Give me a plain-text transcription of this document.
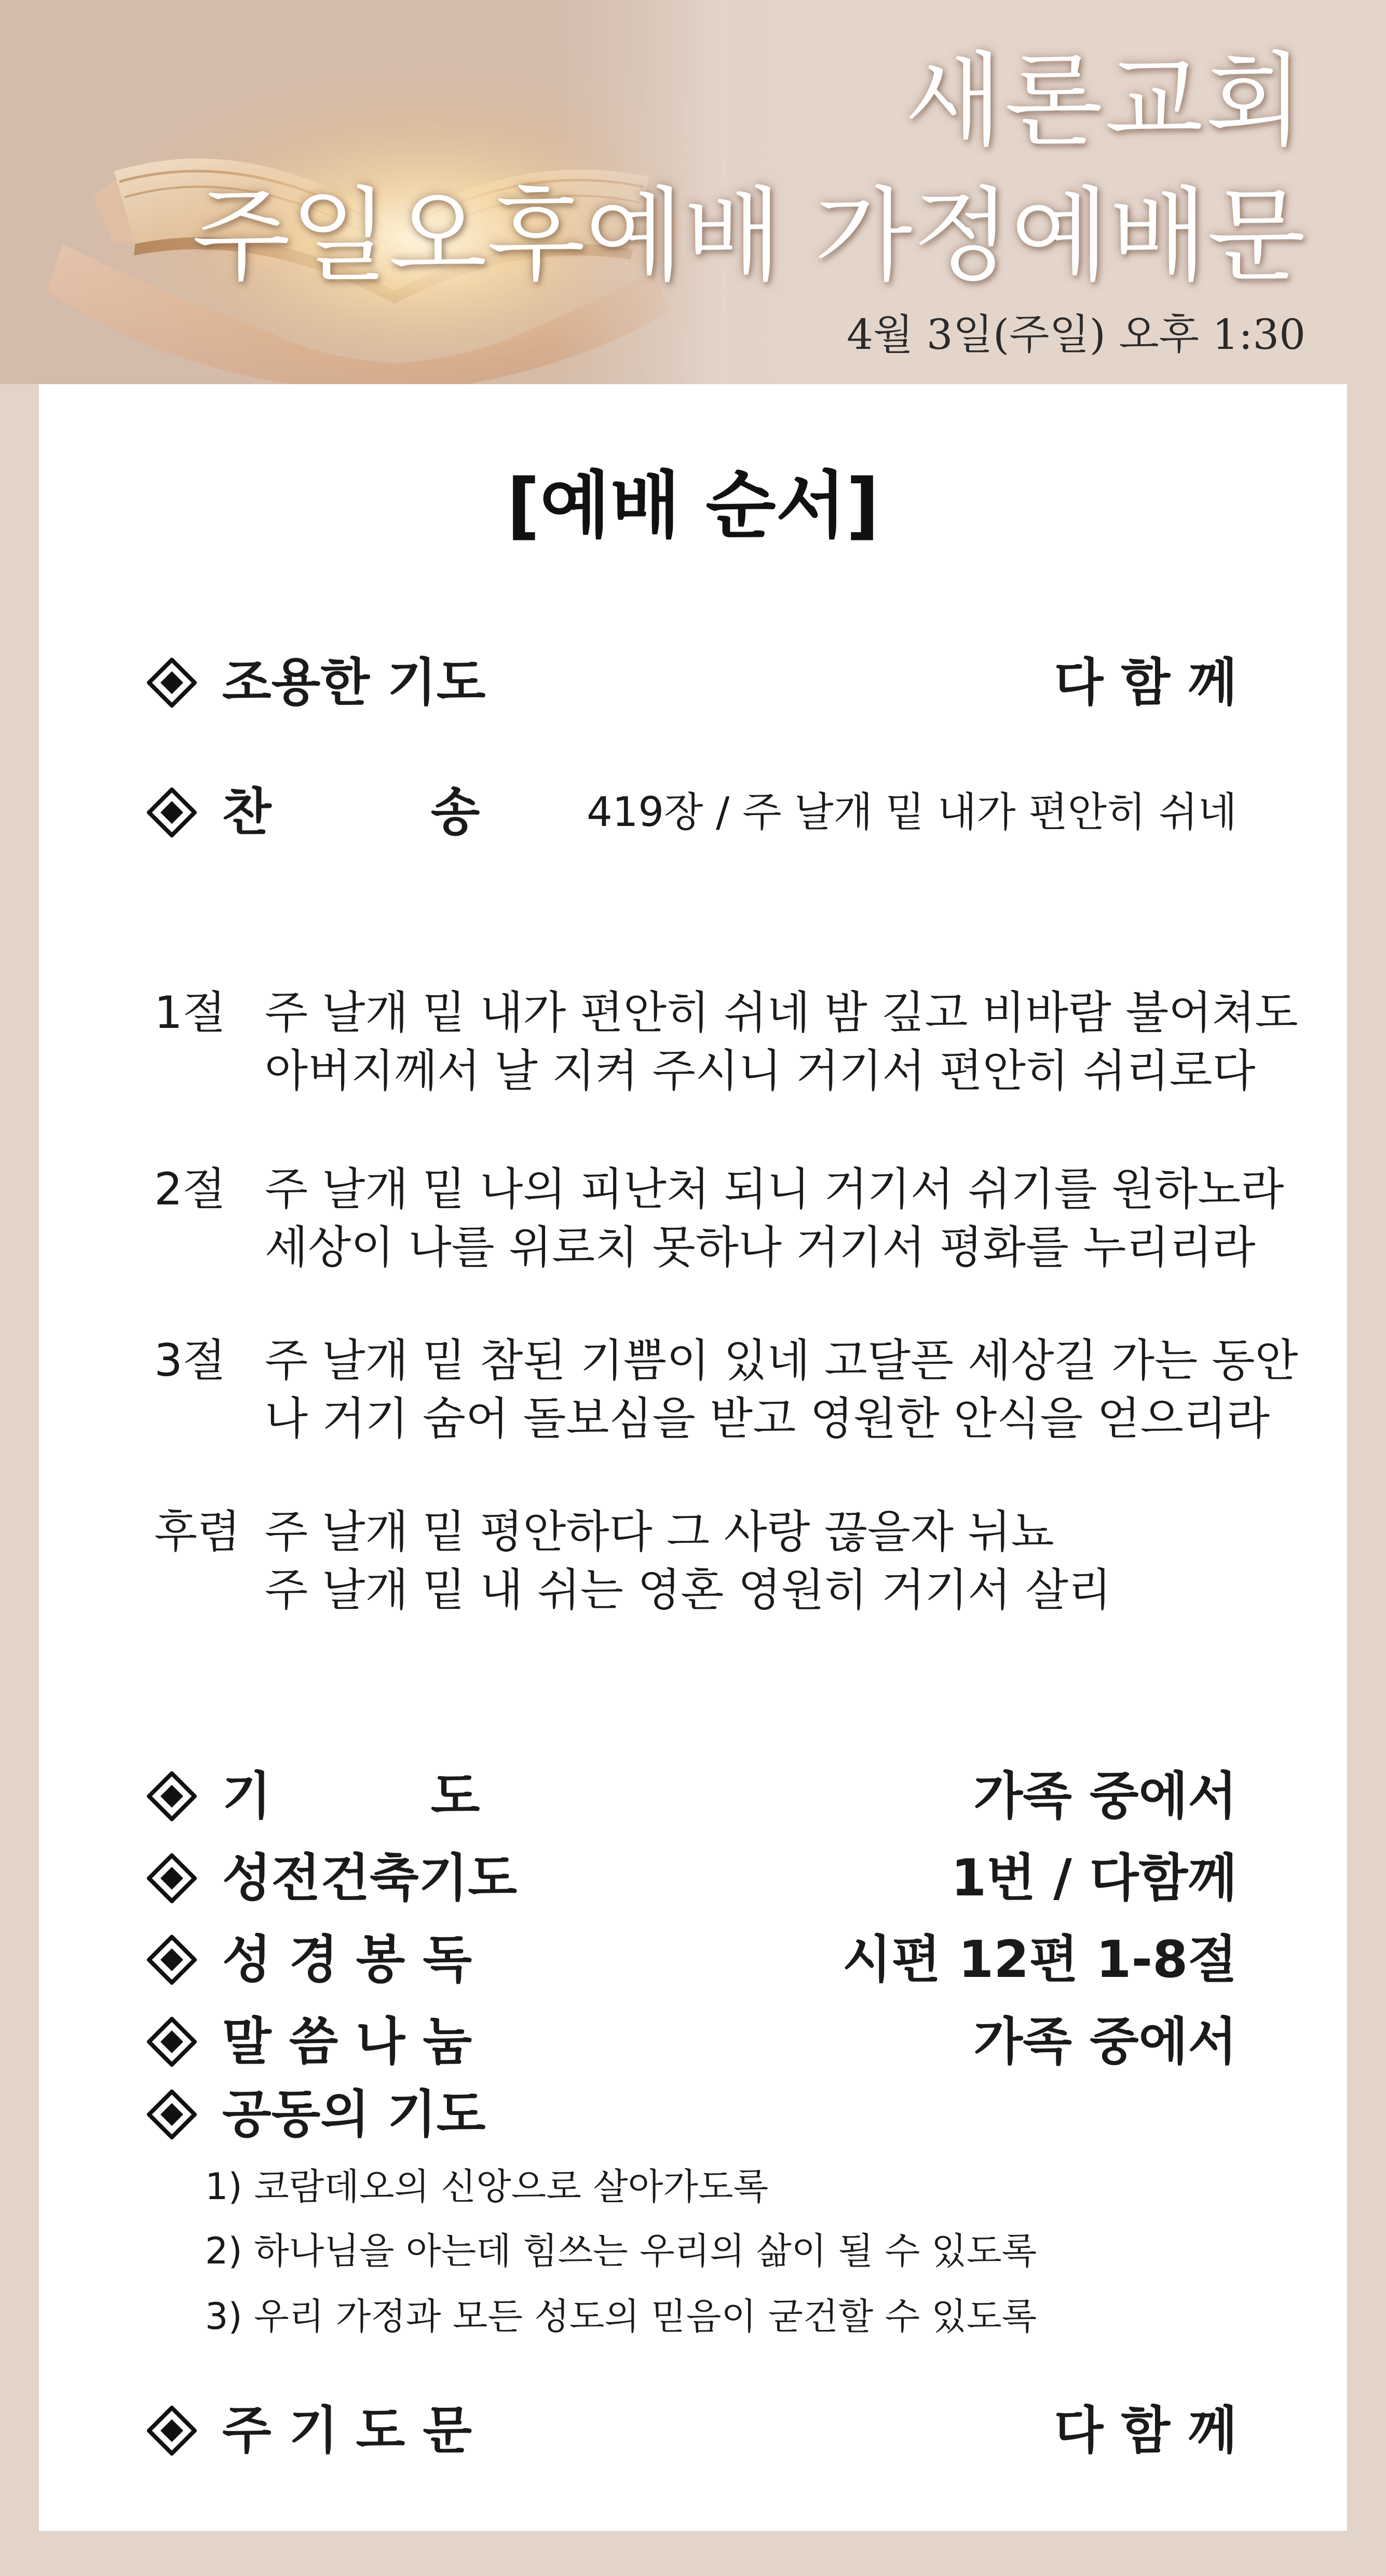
새론교회
주일오후예배 가정예배문
4월 3일(주일) 오후 1:30
[예배 순서]
조용한 기도	다 함 께
찬         송	419장 / 주 날개 밑 내가 편안히 쉬네
1절 주 날개 밑 내가 편안히 쉬네 밤 깊고 비바람 불어쳐도
아버지께서 날 지켜 주시니 거기서 편안히 쉬리로다
2절 주 날개 밑 나의 피난처 되니 거기서 쉬기를 원하노라
세상이 나를 위로치 못하나 거기서 평화를 누리리라
3절 주 날개 밑 참된 기쁨이 있네 고달픈 세상길 가는 동안
나 거기 숨어 돌보심을 받고 영원한 안식을 얻으리라
후렴 주 날개 밑 평안하다 그 사랑 끊을자 뉘뇨
주 날개 밑 내 쉬는 영혼 영원히 거기서 살리
기         도	가족 중에서
성전건축기도	1번 / 다함께
성 경 봉 독	시편 12편 1-8절
말 씀 나 눔	가족 중에서
공동의 기도
1) 코람데오의 신앙으로 살아가도록
2) 하나님을 아는데 힘쓰는 우리의 삶이 될 수 있도록
3) 우리 가정과 모든 성도의 믿음이 굳건할 수 있도록
주 기 도 문	다 함 께
